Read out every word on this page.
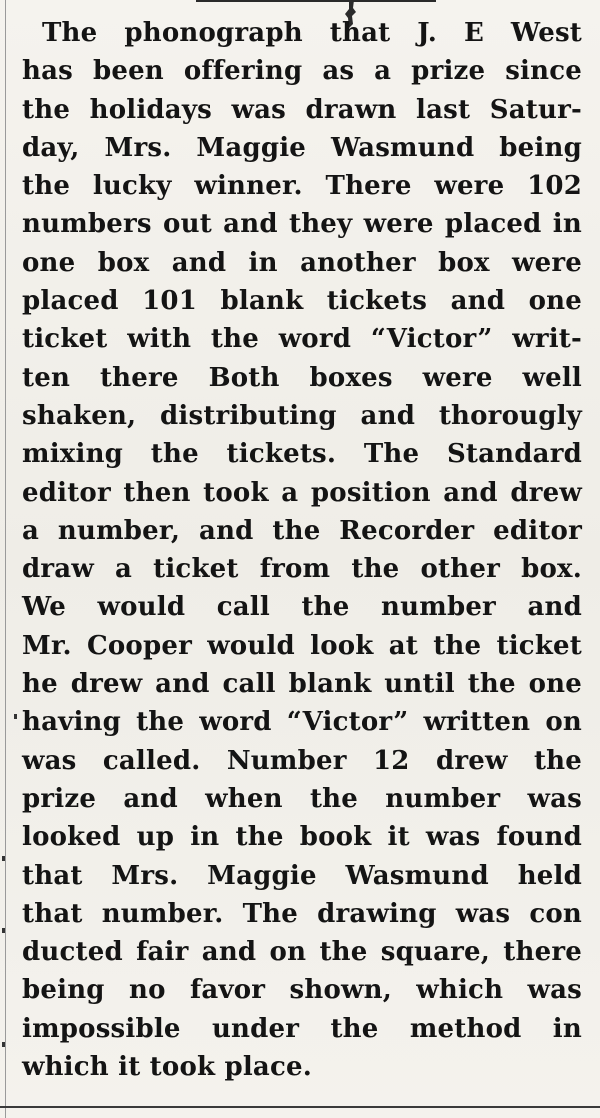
The phonograph that J. E West
has been offering as a prize since
the holidays was drawn last Satur-
day, Mrs. Maggie Wasmund being
the lucky winner. There were 102
numbers out and they were placed in
one box and in another box were
placed 101 blank tickets and one
ticket with the word “Victor” writ-
ten there Both boxes were well
shaken, distributing and thorougly
mixing the tickets. The Standard
editor then took a position and drew
a number, and the Recorder editor
draw a ticket from the other box.
We would call the number and
Mr. Cooper would look at the ticket
he drew and call blank until the one
having the word “Victor” written on
was called. Number 12 drew the
prize and when the number was
looked up in the book it was found
that Mrs. Maggie Wasmund held
that number. The drawing was con
ducted fair and on the square, there
being no favor shown, which was
impossible under the method in
which it took place.
